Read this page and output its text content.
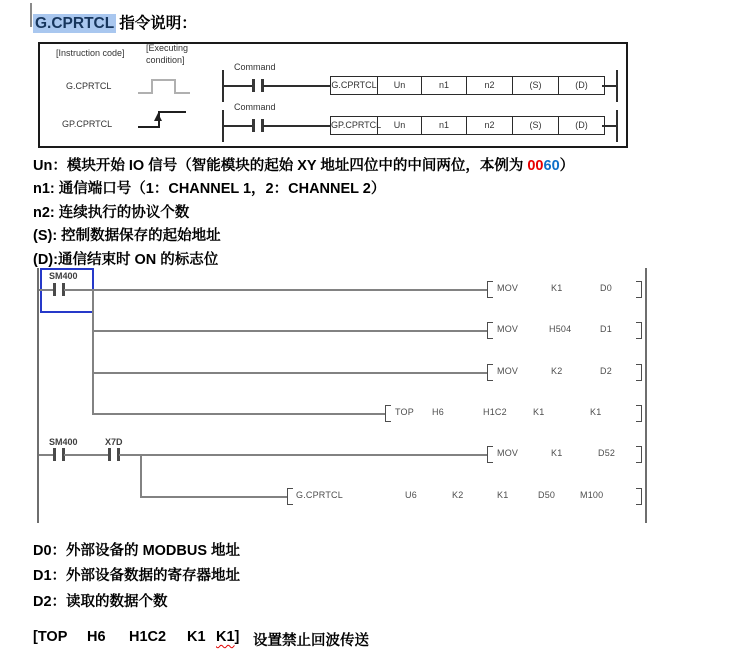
G.CPRTCL 指令说明：
[Instruction code] [Executing
condition]
G.CPRTCL
GP.CPRTCL
Command
Command
G.CPRTCL	Un	n1	n2	(S)	(D)
GP.CPRTCL	Un	n1	n2	(S)	(D)
Un：模块开始 IO 信号（智能模块的起始 XY 地址四位中的中间两位，本例为 0060）
n1: 通信端口号（1：CHANNEL 1，2：CHANNEL 2）
n2: 连续执行的协议个数
(S): 控制数据保存的起始地址
(D):通信结束时 ON 的标志位
SM400
MOV	K1	D0
MOV	H504	D1
MOV	K2	D2
TOP H6	H1C2	K1	K1
SM400	X7D
MOV	K1	D52
G.CPRTCL	U6	K2	K1	D50	M100
D0：外部设备的 MODBUS 地址
D1：外部设备数据的寄存器地址
D2：读取的数据个数
[TOP H6 H1C2 K1 K1] 设置禁止回波传送
